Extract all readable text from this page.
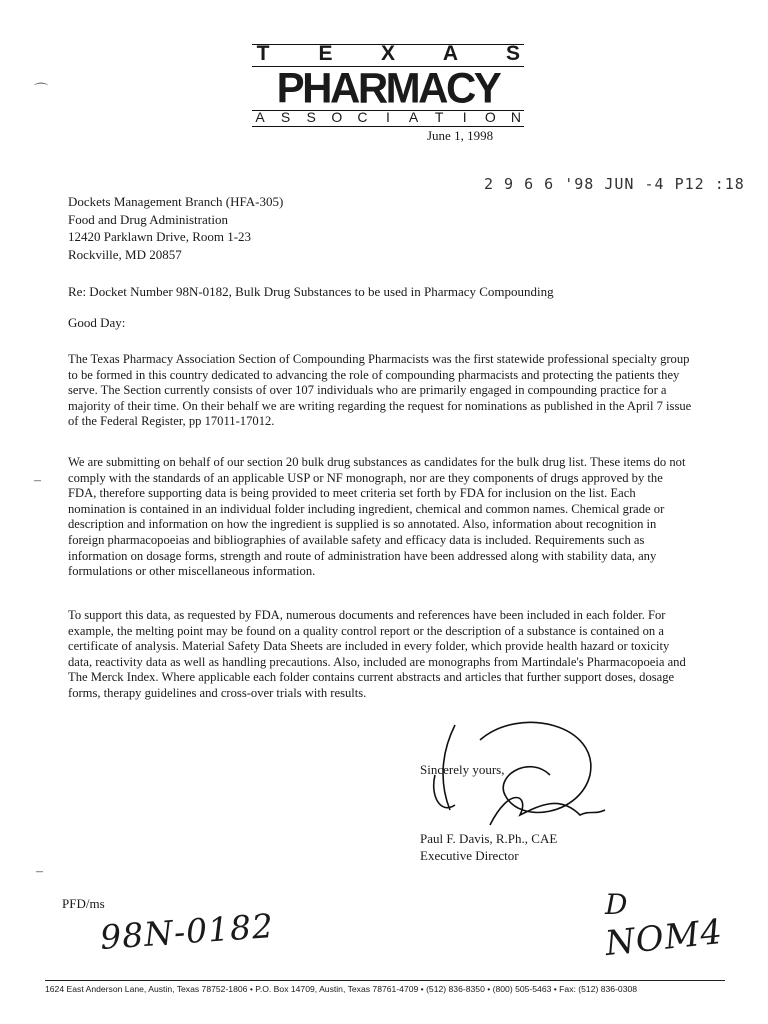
T E X A S
PHARMACY
A S S O C	I	A T	I	O N
June 1, 1998
2 9 6 6 '98 JUN -4 P12 :18
⌒
–
–
Dockets Management Branch (HFA-305)
Food and Drug Administration
12420 Parklawn Drive, Room 1-23
Rockville, MD 20857
Re: Docket Number 98N-0182, Bulk Drug Substances to be used in Pharmacy Compounding
Good Day:
The Texas Pharmacy Association Section of Compounding Pharmacists was the first statewide professional specialty group to be formed in this country dedicated to advancing the role of compounding pharmacists and protecting the patients they serve. The Section currently consists of over 107 individuals who are primarily engaged in compounding practice for a majority of their time. On their behalf we are writing regarding the request for nominations as published in the April 7 issue of the Federal Register, pp 17011-17012.
We are submitting on behalf of our section 20 bulk drug substances as candidates for the bulk drug list. These items do not comply with the standards of an applicable USP or NF monograph, nor are they components of drugs approved by the FDA, therefore supporting data is being provided to meet criteria set forth by FDA for inclusion on the list. Each nomination is contained in an individual folder including ingredient, chemical and common names. Chemical grade or description and information on how the ingredient is supplied is so annotated. Also, information about recognition in foreign pharmacopoeias and bibliographies of available safety and efficacy data is included. Requirements such as information on dosage forms, strength and route of administration have been addressed along with stability data, any formulations or other miscellaneous information.
To support this data, as requested by FDA, numerous documents and references have been included in each folder. For example, the melting point may be found on a quality control report or the description of a substance is contained on a certificate of analysis. Material Safety Data Sheets are included in every folder, which provide health hazard or toxicity data, reactivity data as well as handling precautions. Also, included are monographs from Martindale's Pharmacopoeia and The Merck Index. Where applicable each folder contains current abstracts and articles that further support doses, dosage forms, therapy guidelines and cross-over trials with results.
Sincerely yours,
Paul F. Davis, R.Ph., CAE
Executive Director
PFD/ms
98N-0182
D
NOM4
1624 East Anderson Lane, Austin, Texas 78752-1806 • P.O. Box 14709, Austin, Texas 78761-4709 • (512) 836-8350 • (800) 505-5463 • Fax: (512) 836-0308
